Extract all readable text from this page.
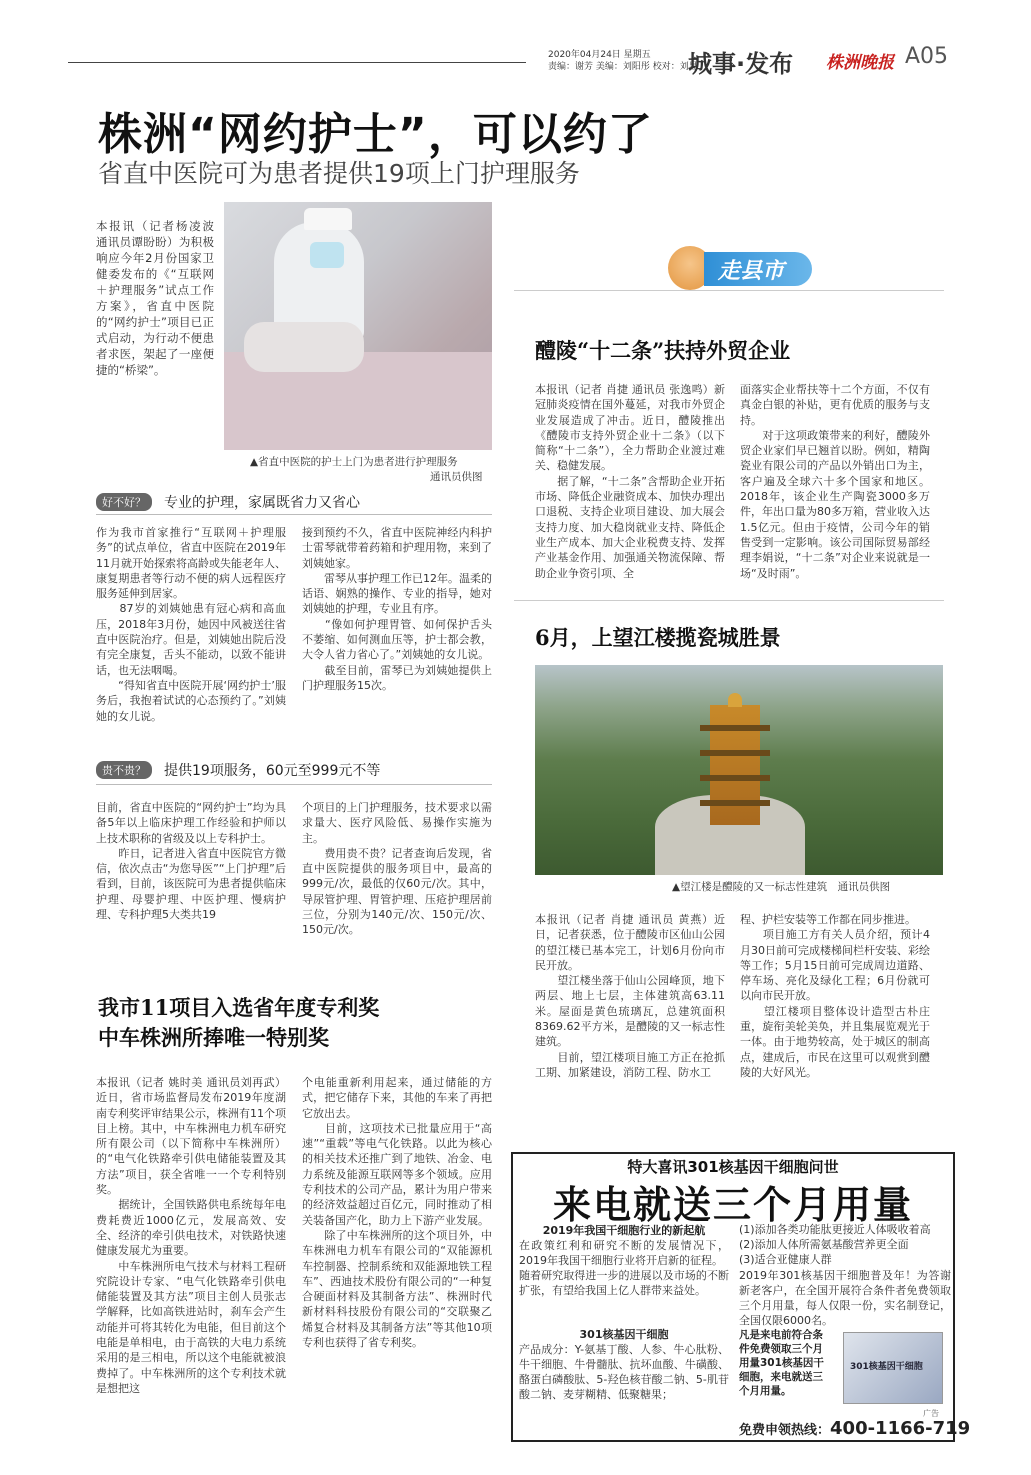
2020年04月24日 星期五
责编：谢芳 美编：刘阳彤 校对：刘昱
城事·发布 株洲晚报 A05
株洲“网约护士”，可以约了
省直中医院可为患者提供19项上门护理服务
本报讯（记者杨凌波 通讯员谭盼盼）为积极响应今年2月份国家卫健委发布的《“互联网＋护理服务”试点工作方案》，省直中医院的“网约护士”项目已正式启动，为行动不便患者求医，架起了一座便捷的“桥梁”。
▲省直中医院的护士上门为患者进行护理服务
通讯员供图
好不好？	专业的护理，家属既省力又省心
作为我市首家推行“互联网＋护理服务”的试点单位，省直中医院在2019年11月就开始探索将高龄或失能老年人、康复期患者等行动不便的病人远程医疗服务延伸到居家。
　　87岁的刘姨她患有冠心病和高血压，2018年3月份，她因中风被送往省直中医院治疗。但是，刘姨她出院后没有完全康复，舌头不能动，以致不能讲话，也无法咽喝。
　　“得知省直中医院开展‘网约护士’服务后，我抱着试试的心态预约了。”刘姨她的女儿说。
接到预约不久，省直中医院神经内科护士雷琴就带着药箱和护理用物，来到了刘姨她家。
　　雷琴从事护理工作已12年。温柔的话语、娴熟的操作、专业的指导，她对刘姨她的护理，专业且有序。
　　“像如何护理胃管、如何保护舌头不萎缩、如何测血压等，护士都会教，大令人省力省心了。”刘姨她的女儿说。
　　截至目前，雷琴已为刘姨她提供上门护理服务15次。
贵不贵？	提供19项服务，60元至999元不等
目前，省直中医院的“网约护士”均为具备5年以上临床护理工作经验和护师以上技术职称的省级及以上专科护士。
　　昨日，记者进入省直中医院官方微信，依次点击“为您导医”“上门护理”后看到，目前，该医院可为患者提供临床护理、母婴护理、中医护理、慢病护理、专科护理5大类共19
个项目的上门护理服务，技术要求以需求量大、医疗风险低、易操作实施为主。
　　费用贵不贵？记者查询后发现，省直中医院提供的服务项目中，最高的999元/次，最低的仅60元/次。其中，导尿管护理、胃管护理、压疮护理居前三位，分别为140元/次、150元/次、150元/次。
走县市
醴陵“十二条”扶持外贸企业
本报讯（记者 肖捷 通讯员 张逸鸣）新冠肺炎疫情在国外蔓延，对我市外贸企业发展造成了冲击。近日，醴陵推出《醴陵市支持外贸企业十二条》（以下简称“十二条”），全力帮助企业渡过难关、稳健发展。
　　据了解，“十二条”含帮助企业开拓市场、降低企业融资成本、加快办理出口退税、支持企业项目建设、加大展会支持力度、加大稳岗就业支持、降低企业生产成本、加大企业税费支持、发挥产业基金作用、加强通关物流保障、帮助企业争资引项、全
面落实企业帮扶等十二个方面，不仅有真金白银的补贴，更有优质的服务与支持。
　　对于这项政策带来的利好，醴陵外贸企业家们早已翘首以盼。例如，精陶瓷业有限公司的产品以外销出口为主，客户遍及全球六十多个国家和地区。2018年，该企业生产陶瓷3000多万件，年出口量为80多万箱，营业收入达1.5亿元。但由于疫情，公司今年的销售受到一定影响。该公司国际贸易部经理李娟说，“十二条”对企业来说就是一场“及时雨”。
6月，上望江楼揽瓷城胜景
▲望江楼是醴陵的又一标志性建筑　通讯员供图
本报讯（记者 肖捷 通讯员 黄燕）近日，记者获悉，位于醴陵市区仙山公园的望江楼已基本完工，计划6月份向市民开放。
　　望江楼坐落于仙山公园峰顶，地下两层、地上七层，主体建筑高63.11米。屋面是黄色琉璃瓦，总建筑面积8369.62平方米，是醴陵的又一标志性建筑。
　　目前，望江楼项目施工方正在抢抓工期、加紧建设，消防工程、防水工
程、护栏安装等工作都在同步推进。
　　项目施工方有关人员介绍，预计4月30日前可完成楼梯间栏杆安装、彩绘等工作；5月15日前可完成周边道路、停车场、亮化及绿化工程；6月份就可以向市民开放。
　　望江楼项目整体设计造型古朴庄重，旋衔美轮美奂，并且集展览观光于一体。由于地势较高，处于城区的制高点，建成后，市民在这里可以观赏到醴陵的大好风光。
我市11项目入选省年度专利奖
中车株洲所捧唯一特别奖
本报讯（记者 姚时美 通讯员刘再武）近日，省市场监督局发布2019年度湖南专利奖评审结果公示，株洲有11个项目上榜。其中，中车株洲电力机车研究所有限公司（以下简称中车株洲所）的“电气化铁路牵引供电储能装置及其方法”项目，获全省唯一一个专利特别奖。
　　据统计，全国铁路供电系统每年电费耗费近1000亿元，发展高效、安全、经济的牵引供电技术，对铁路快速健康发展尤为重要。
　　中车株洲所电气技术与材料工程研究院设计专家、“电气化铁路牵引供电储能装置及其方法”项目主创人员张志学解释，比如高铁进站时，刹车会产生动能并可将其转化为电能，但目前这个电能是单相电，由于高铁的大电力系统采用的是三相电，所以这个电能就被浪费掉了。中车株洲所的这个专利技术就是想把这
个电能重新利用起来，通过储能的方式，把它储存下来，其他的车来了再把它放出去。
　　目前，这项技术已批量应用于“高速”“重载”等电气化铁路。以此为核心的相关技术还推广到了地铁、冶金、电力系统及能源互联网等多个领域。应用专利技术的公司产品，累计为用户带来的经济效益超过百亿元，同时推动了相关装备国产化，助力上下游产业发展。
　　除了中车株洲所的这个项目外，中车株洲电力机车有限公司的“双能源机车控制器、控制系统和双能源地铁工程车”、西迪技术股份有限公司的“一种复合硬面材料及其制备方法”、株洲时代新材料科技股份有限公司的“交联聚乙烯复合材料及其制备方法”等其他10项专利也获得了省专利奖。
特大喜讯301核基因干细胞问世
来电就送三个月用量
2019年我国干细胞行业的新起航
在政策红利和研究不断的发展情况下，2019年我国干细胞行业将开启新的征程。
随着研究取得进一步的进展以及市场的不断扩张，有望给我国上亿人群带来益处。
301核基因干细胞
产品成分：Y-氨基丁酸、人参、牛心肽粉、牛干细胞、牛骨髓肽、抗坏血酸、牛磺酸、酪蛋白磷酸肽、5-羟色核苷酸二钠、5-肌苷酸二钠、麦芽糊精、低聚糖果；
(1)添加各类功能肽更接近人体吸收着高
(2)添加人体所需氨基酸营养更全面
(3)适合亚健康人群
2019年301核基因干细胞普及年！为答谢新老客户，在全国开展符合条件者免费领取三个月用量，每人仅限一份，实名制登记，全国仅限6000名。
凡是来电前符合条件免费领取三个月用量301核基因干细胞，来电就送三个月用量。
301核基因干细胞
广告
免费申领热线：400-1166-719
